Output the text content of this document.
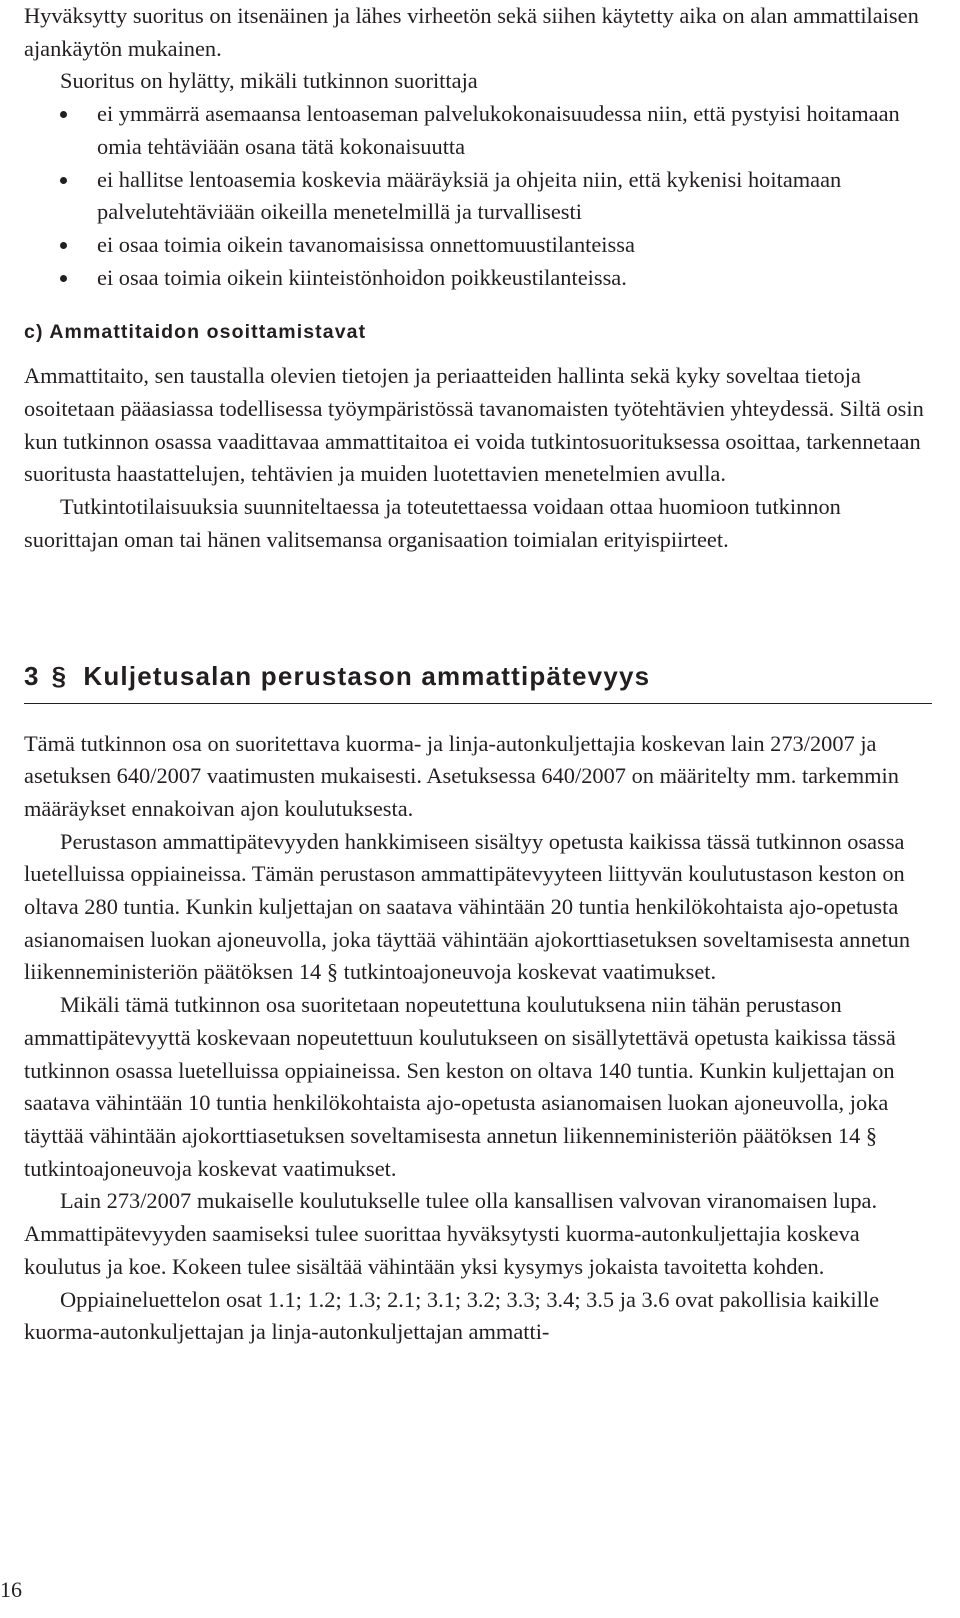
Hyväksytty suoritus on itsenäinen ja lähes virheetön sekä siihen käytetty aika on alan ammattilaisen ajankäytön mukainen.

Suoritus on hylätty, mikäli tutkinnon suorittaja

ei ymmärrä asemaansa lentoaseman palvelukokonaisuudessa niin, että pystyisi hoitamaan omia tehtäviään osana tätä kokonaisuutta
ei hallitse lentoasemia koskevia määräyksiä ja ohjeita niin, että kykenisi hoitamaan palvelutehtäviään oikeilla menetelmillä ja turvallisesti
ei osaa toimia oikein tavanomaisissa onnettomuustilanteissa
ei osaa toimia oikein kiinteistönhoidon poikkeustilanteissa.
c) Ammattitaidon osoittamistavat

Ammattitaito, sen taustalla olevien tietojen ja periaatteiden hallinta sekä kyky soveltaa tietoja osoitetaan pääasiassa todellisessa työympäristössä tavanomaisten työtehtävien yhteydessä. Siltä osin kun tutkinnon osassa vaadittavaa ammattitaitoa ei voida tutkintosuorituksessa osoittaa, tarkennetaan suoritusta haastattelujen, tehtävien ja muiden luotettavien menetelmien avulla.

Tutkintotilaisuuksia suunniteltaessa ja toteutettaessa voidaan ottaa huomioon tutkinnon suorittajan oman tai hänen valitsemansa organisaation toimialan erityispiirteet.

3 § Kuljetusalan perustason ammattipätevyys

Tämä tutkinnon osa on suoritettava kuorma- ja linja-autonkuljettajia koskevan lain 273/2007 ja asetuksen 640/2007 vaatimusten mukaisesti. Asetuksessa 640/2007 on määritelty mm. tarkemmin määräykset ennakoivan ajon koulutuksesta.

Perustason ammattipätevyyden hankkimiseen sisältyy opetusta kaikissa tässä tutkinnon osassa luetelluissa oppiaineissa. Tämän perustason ammattipätevyyteen liittyvän koulutustason keston on oltava 280 tuntia. Kunkin kuljettajan on saatava vähintään 20 tuntia henkilökohtaista ajo-opetusta asianomaisen luokan ajoneuvolla, joka täyttää vähintään ajokorttiasetuksen soveltamisesta annetun liikenneministeriön päätöksen 14 § tutkintoajoneuvoja koskevat vaatimukset.

Mikäli tämä tutkinnon osa suoritetaan nopeutettuna koulutuksena niin tähän perustason ammattipätevyyttä koskevaan nopeutettuun koulutukseen on sisällytettävä opetusta kaikissa tässä tutkinnon osassa luetelluissa oppiaineissa. Sen keston on oltava 140 tuntia. Kunkin kuljettajan on saatava vähintään 10 tuntia henkilökohtaista ajo-opetusta asianomaisen luokan ajoneuvolla, joka täyttää vähintään ajokorttiasetuksen soveltamisesta annetun liikenneministeriön päätöksen 14 § tutkintoajoneuvoja koskevat vaatimukset.

Lain 273/2007 mukaiselle koulutukselle tulee olla kansallisen valvovan viranomaisen lupa. Ammattipätevyyden saamiseksi tulee suorittaa hyväksytysti kuorma-autonkuljettajia koskeva koulutus ja koe. Kokeen tulee sisältää vähintään yksi kysymys jokaista tavoitetta kohden.

Oppiaineluettelon osat 1.1; 1.2; 1.3; 2.1; 3.1; 3.2; 3.3; 3.4; 3.5 ja 3.6 ovat pakollisia kaikille kuorma-autonkuljettajan ja linja-autonkuljettajan ammatti-

16
